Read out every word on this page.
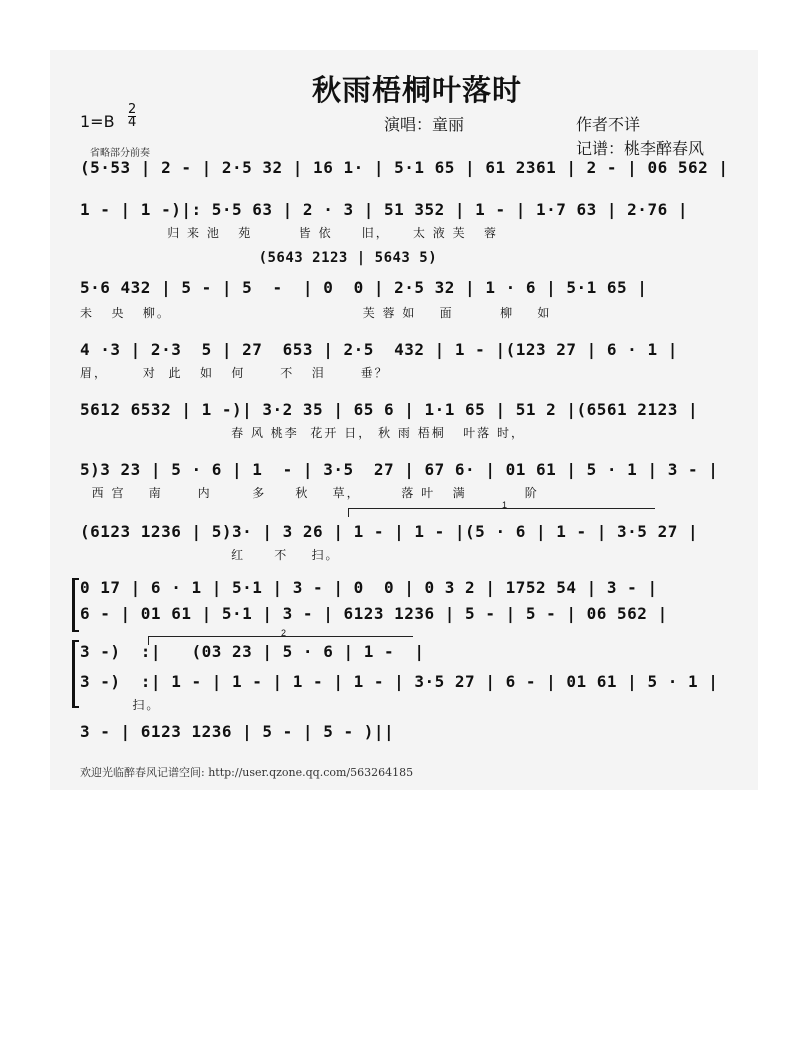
秋雨梧桐叶落时
1=B
2
4	演唱：童丽	作者不详
记谱：桃李醉春风
省略部分前奏
(5·53 | 2 - | 2·5 32 | 16 1· | 5·1 65 | 61 2361 | 2 - | 06 562 |
1 - | 1 -)|: 5·5 63 | 2 · 3 | 51 352 | 1 - | 1·7 63 | 2·76 |
归 来 池   苑        皆 依     旧，    太 液 芙   蓉
(5643 2123 | 5643 5)
5·6 432 | 5 - | 5  -  | 0  0 | 2·5 32 | 1 · 6 | 5·1 65 |
未   央   柳。                                 芙 蓉 如    面        柳    如
4 ·3 | 2·3  5 | 27  653 | 2·5  432 | 1 - |(123 27 | 6 · 1 |
眉，      对  此   如   何      不   泪      垂？
5612 6532 | 1 -)| 3·2 35 | 65 6 | 1·1 65 | 51 2 |(6561 2123 |
春 风 桃李  花开 日， 秋 雨 梧桐   叶落 时，
5)3 23 | 5 · 6 | 1  - | 3·5  27 | 67 6· | 01 61 | 5 · 1 | 3 - |
西 宫    南      内       多     秋    草，       落 叶   满          阶
1
(6123 1236 | 5)3· | 3 26 | 1 - | 1 - |(5 · 6 | 1 - | 3·5 27 |
红     不    扫。
0 17 | 6 · 1 | 5·1 | 3 - | 0  0 | 0 3 2 | 1752 54 | 3 - |
6 - | 01 61 | 5·1 | 3 - | 6123 1236 | 5 - | 5 - | 06 562 |
2
3 -)  :|   (03 23 | 5 · 6 | 1 -  |
3 -)  :| 1 - | 1 - | 1 - | 1 - | 3·5 27 | 6 - | 01 61 | 5 · 1 |
扫。
3 - | 6123 1236 | 5 - | 5 - )||
欢迎光临醉春风记谱空间: http://user.qzone.qq.com/563264185
